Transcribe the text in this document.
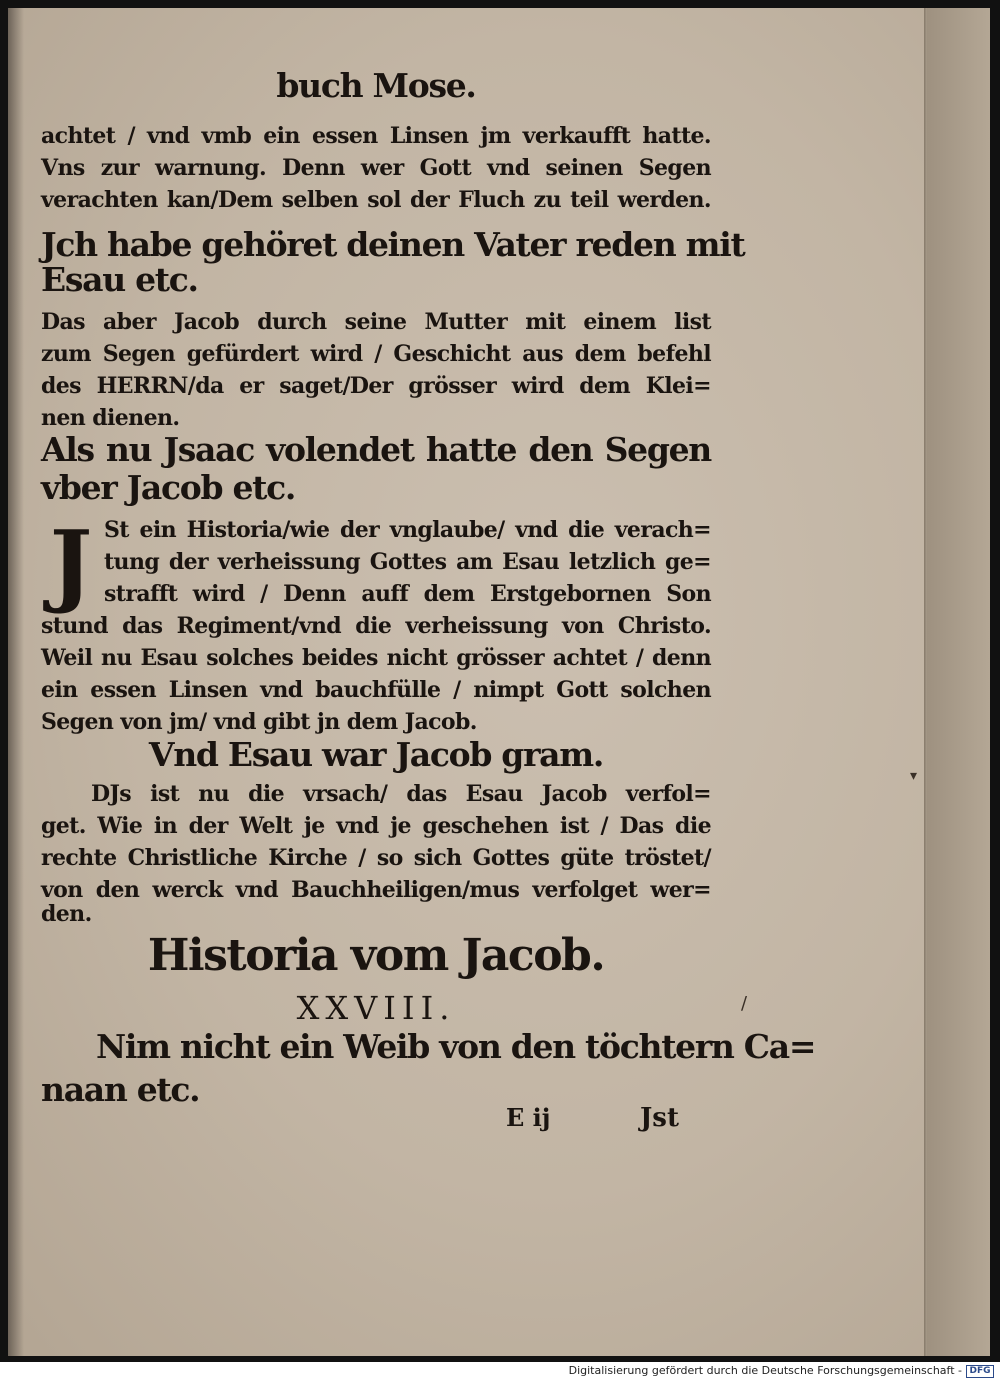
buch Mose.
achtet / vnd vmb ein essen Linsen jm verkaufft hatte.
Vns zur warnung. Denn wer Gott vnd seinen Segen
verachten kan/Dem selben sol der Fluch zu teil werden.
Jch habe gehöret deinen Vater reden mit
Esau etc.
Das aber Jacob durch seine Mutter mit einem list
zum Segen gefürdert wird / Geschicht aus dem befehl
des HERRN/da er saget/Der grösser wird dem Klei=
nen dienen.
Als nu Jsaac volendet hatte den Segen
vber Jacob etc.
J St ein Historia/wie der vnglaube/ vnd die verach=
tung der verheissung Gottes am Esau letzlich ge=
strafft wird / Denn auff dem Erstgebornen Son
stund das Regiment/vnd die verheissung von Christo.
Weil nu Esau solches beides nicht grösser achtet / denn
ein essen Linsen vnd bauchfülle / nimpt Gott solchen
Segen von jm/ vnd gibt jn dem Jacob.
Vnd Esau war Jacob gram.
DJs ist nu die vrsach/ das Esau Jacob verfol=
get. Wie in der Welt je vnd je geschehen ist / Das die
rechte Christliche Kirche / so sich Gottes güte tröstet/
von den werck vnd Bauchheiligen/mus verfolget wer=
den.
Historia vom Jacob.
XXVIII.
Nim nicht ein Weib von den töchtern Ca=
naan etc.
E ij	Jst
▾
/
Digitalisierung gefördert durch die Deutsche Forschungsgemeinschaft - DFG
